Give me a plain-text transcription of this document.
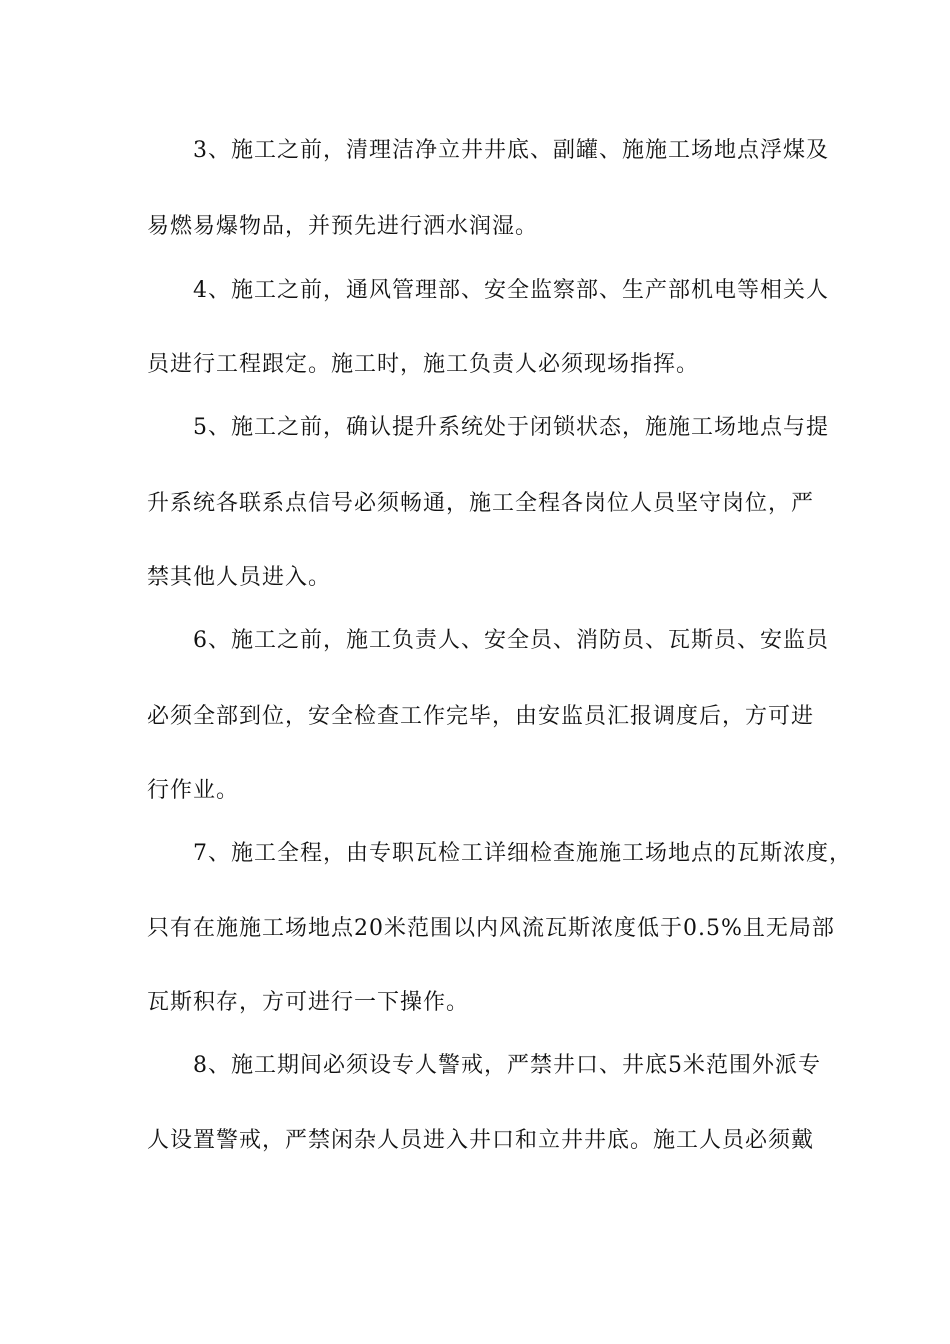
3、施工之前，清理洁净立井井底、副罐、施施工场地点浮煤及
易燃易爆物品，并预先进行洒水润湿。
4、施工之前，通风管理部、安全监察部、生产部机电等相关人
员进行工程跟定。施工时，施工负责人必须现场指挥。
5、施工之前，确认提升系统处于闭锁状态，施施工场地点与提
升系统各联系点信号必须畅通，施工全程各岗位人员坚守岗位，严
禁其他人员进入。
6、施工之前，施工负责人、安全员、消防员、瓦斯员、安监员
必须全部到位，安全检查工作完毕，由安监员汇报调度后，方可进
行作业。
7、施工全程，由专职瓦检工详细检查施施工场地点的瓦斯浓度，
只有在施施工场地点20米范围以内风流瓦斯浓度低于0.5%且无局部
瓦斯积存，方可进行一下操作。
8、施工期间必须设专人警戒，严禁井口、井底5米范围外派专
人设置警戒，严禁闲杂人员进入井口和立井井底。施工人员必须戴
